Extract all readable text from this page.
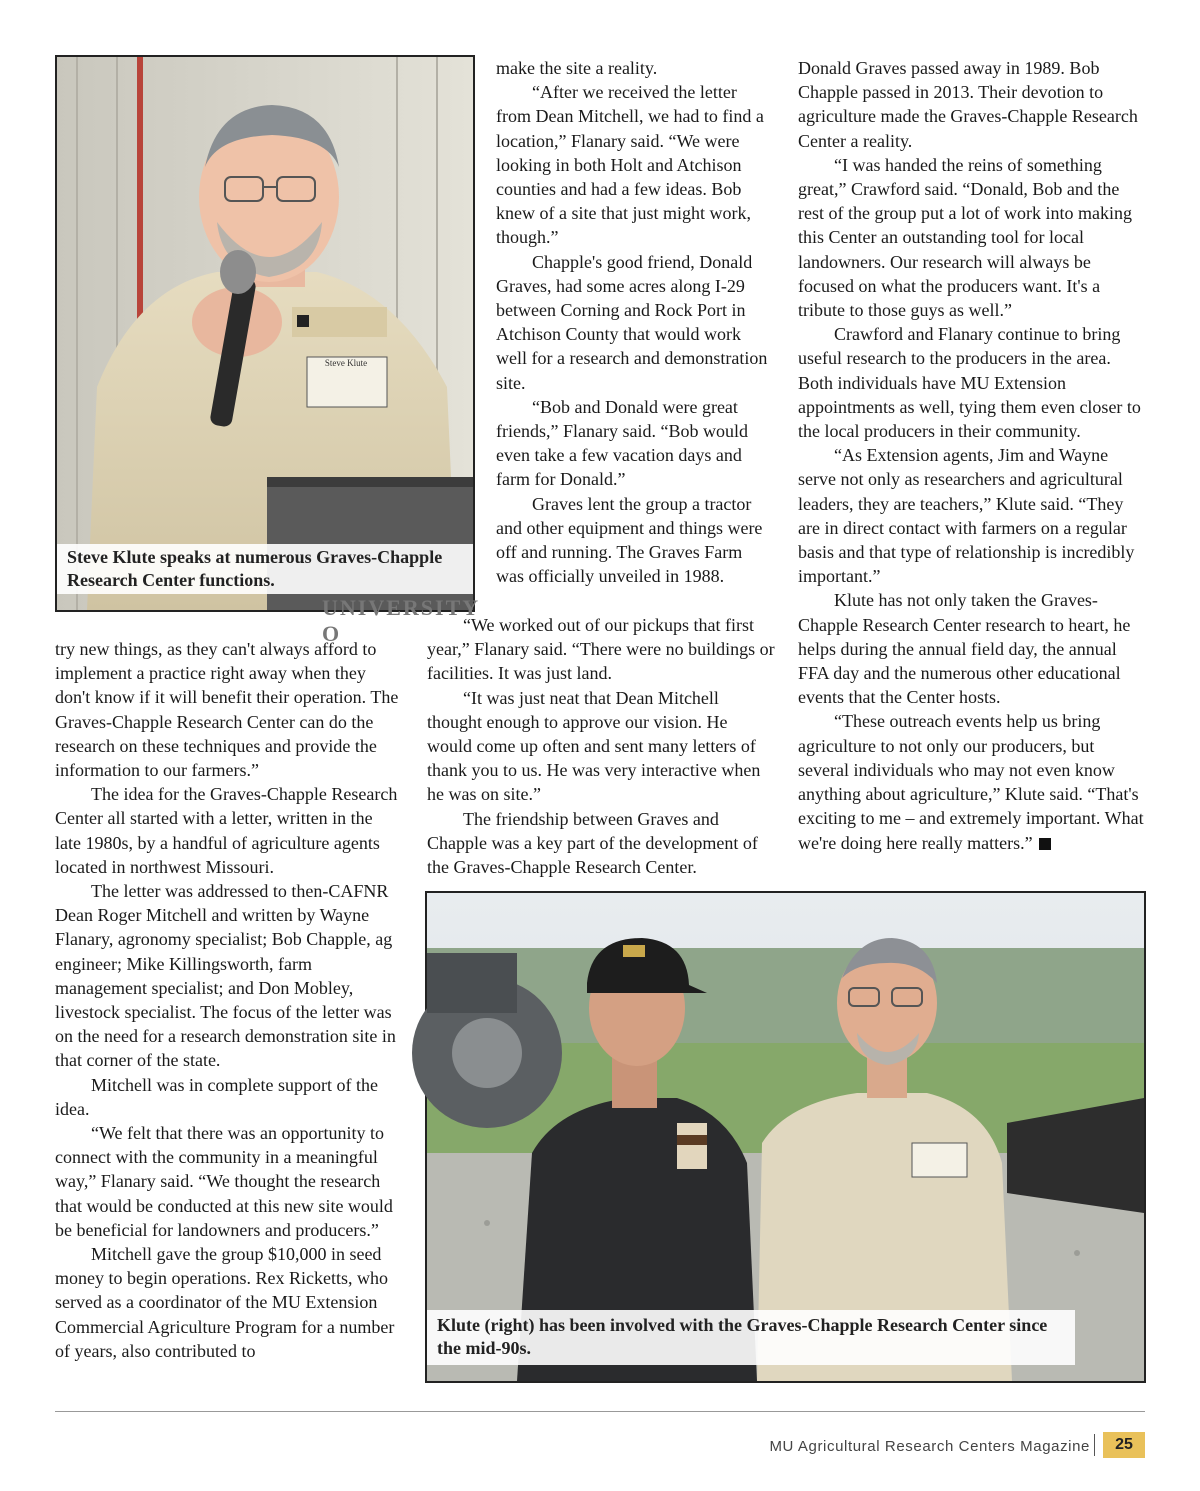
Steve Klute speaks at numerous Graves-Chapple Research Center functions.
UNIVERSITY O
Steve Klute

make the site a reality.

“After we received the letter from Dean Mitchell, we had to find a location,” Flanary said. “We were looking in both Holt and Atchison counties and had a few ideas. Bob knew of a site that just might work, though.”

Chapple's good friend, Donald Graves, had some acres along I-29 between Corning and Rock Port in Atchison County that would work well for a research and demonstration site.

“Bob and Donald were great friends,” Flanary said. “Bob would even take a few vacation days and farm for Donald.”

Graves lent the group a tractor and other equipment and things were off and running. The Graves Farm was officially unveiled in 1988.

“We worked out of our pickups that first year,” Flanary said. “There were no buildings or facilities. It was just land.

“It was just neat that Dean Mitchell thought enough to approve our vision. He would come up often and sent many letters of thank you to us. He was very interactive when he was on site.”

The friendship between Graves and Chapple was a key part of the development of the Graves-Chapple Research Center.

try new things, as they can't always afford to implement a practice right away when they don't know if it will benefit their operation. The Graves-Chapple Research Center can do the research on these techniques and provide the information to our farmers.”

The idea for the Graves-Chapple Research Center all started with a letter, written in the late 1980s, by a handful of agriculture agents located in northwest Missouri.

The letter was addressed to then-CAFNR Dean Roger Mitchell and written by Wayne Flanary, agronomy specialist; Bob Chapple, ag engineer; Mike Killingsworth, farm management specialist; and Don Mobley, livestock specialist. The focus of the letter was on the need for a research demonstration site in that corner of the state.

Mitchell was in complete support of the idea.

“We felt that there was an opportunity to connect with the community in a meaningful way,” Flanary said. “We thought the research that would be conducted at this new site would be beneficial for landowners and producers.”

Mitchell gave the group $10,000 in seed money to begin operations. Rex Ricketts, who served as a coordinator of the MU Extension Commercial Agriculture Program for a number of years, also contributed to

Donald Graves passed away in 1989. Bob Chapple passed in 2013. Their devotion to agriculture made the Graves-Chapple Research Center a reality.

“I was handed the reins of something great,” Crawford said. “Donald, Bob and the rest of the group put a lot of work into making this Center an outstanding tool for local landowners. Our research will always be focused on what the producers want. It's a tribute to those guys as well.”

Crawford and Flanary continue to bring useful research to the producers in the area. Both individuals have MU Extension appointments as well, tying them even closer to the local producers in their community.

“As Extension agents, Jim and Wayne serve not only as researchers and agricultural leaders, they are teachers,” Klute said. “They are in direct contact with farmers on a regular basis and that type of relationship is incredibly important.”

Klute has not only taken the Graves-Chapple Research Center research to heart, he helps during the annual field day, the annual FFA day and the numerous other educational events that the Center hosts.

“These outreach events help us bring agriculture to not only our producers, but several individuals who may not even know anything about agriculture,” Klute said. “That's exciting to me – and extremely important. What we're doing here really matters.”

Klute (right) has been involved with the Graves-Chapple Research Center since the mid-90s.
MU Agricultural Research Centers Magazine	25
